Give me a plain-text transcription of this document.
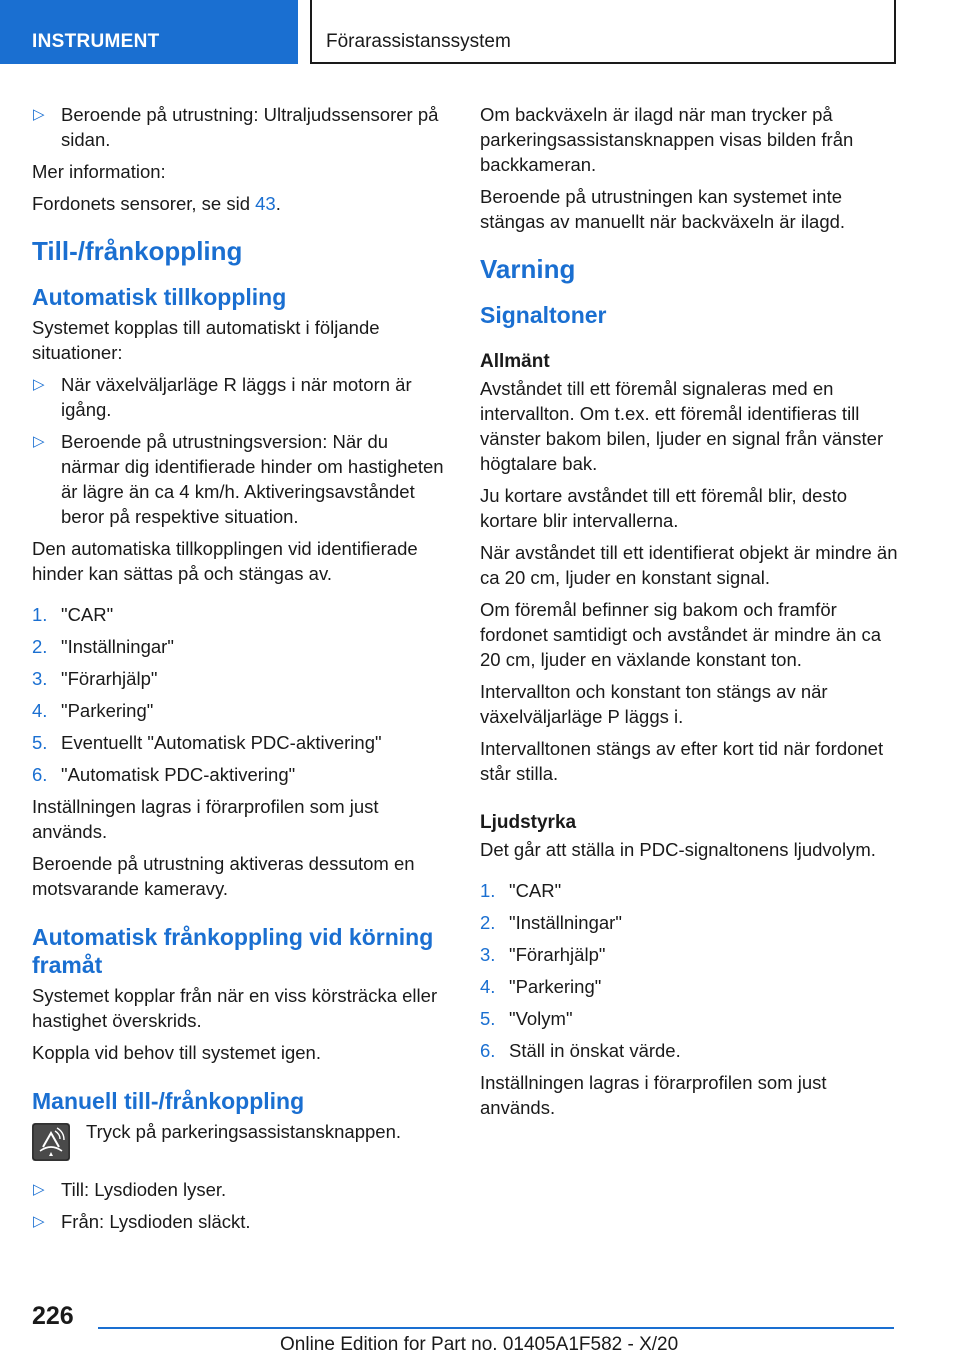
INSTRUMENT	Förarassistanssystem
▷ Beroende på utrustning: Ultraljudssensorer på sidan.

Mer information:

Fordonets sensorer, se sid 43.

Till-/frånkoppling
Automatisk tillkoppling

Systemet kopplas till automatiskt i följande situationer:

▷ När växelväljarläge R läggs i när motorn är igång.
▷ Beroende på utrustningsversion: När du närmar dig identifierade hinder om hastigheten är lägre än ca 4 km/h. Aktiveringsavståndet beror på respektive situation.

Den automatiska tillkopplingen vid identifierade hinder kan sättas på och stängas av.

1. "CAR"
2. "Inställningar"
3. "Förarhjälp"
4. "Parkering"
5. Eventuellt "Automatisk PDC-aktivering"
6. "Automatisk PDC-aktivering"

Inställningen lagras i förarprofilen som just används.

Beroende på utrustning aktiveras dessutom en motsvarande kameravy.

Automatisk frånkoppling vid körning framåt

Systemet kopplar från när en viss körsträcka eller hastighet överskrids.

Koppla vid behov till systemet igen.

Manuell till-/frånkoppling

Tryck på parkeringsassistansknappen.

▷ Till: Lysdioden lyser.
▷ Från: Lysdioden släckt.

Om backväxeln är ilagd när man trycker på parkeringsassistansknappen visas bilden från backkameran.

Beroende på utrustningen kan systemet inte stängas av manuellt när backväxeln är ilagd.

Varning
Signaltoner
Allmänt

Avståndet till ett föremål signaleras med en intervallton. Om t.ex. ett föremål identifieras till vänster bakom bilen, ljuder en signal från vänster högtalare bak.

Ju kortare avståndet till ett föremål blir, desto kortare blir intervallerna.

När avståndet till ett identifierat objekt är mindre än ca 20 cm, ljuder en konstant signal.

Om föremål befinner sig bakom och framför fordonet samtidigt och avståndet är mindre än ca 20 cm, ljuder en växlande konstant ton.

Intervallton och konstant ton stängs av när växelväljarläge P läggs i.

Intervalltonen stängs av efter kort tid när fordonet står stilla.

Ljudstyrka

Det går att ställa in PDC-signaltonens ljudvolym.

1. "CAR"
2. "Inställningar"
3. "Förarhjälp"
4. "Parkering"
5. "Volym"
6. Ställ in önskat värde.

Inställningen lagras i förarprofilen som just används.

226
Online Edition for Part no. 01405A1F582 - X/20
